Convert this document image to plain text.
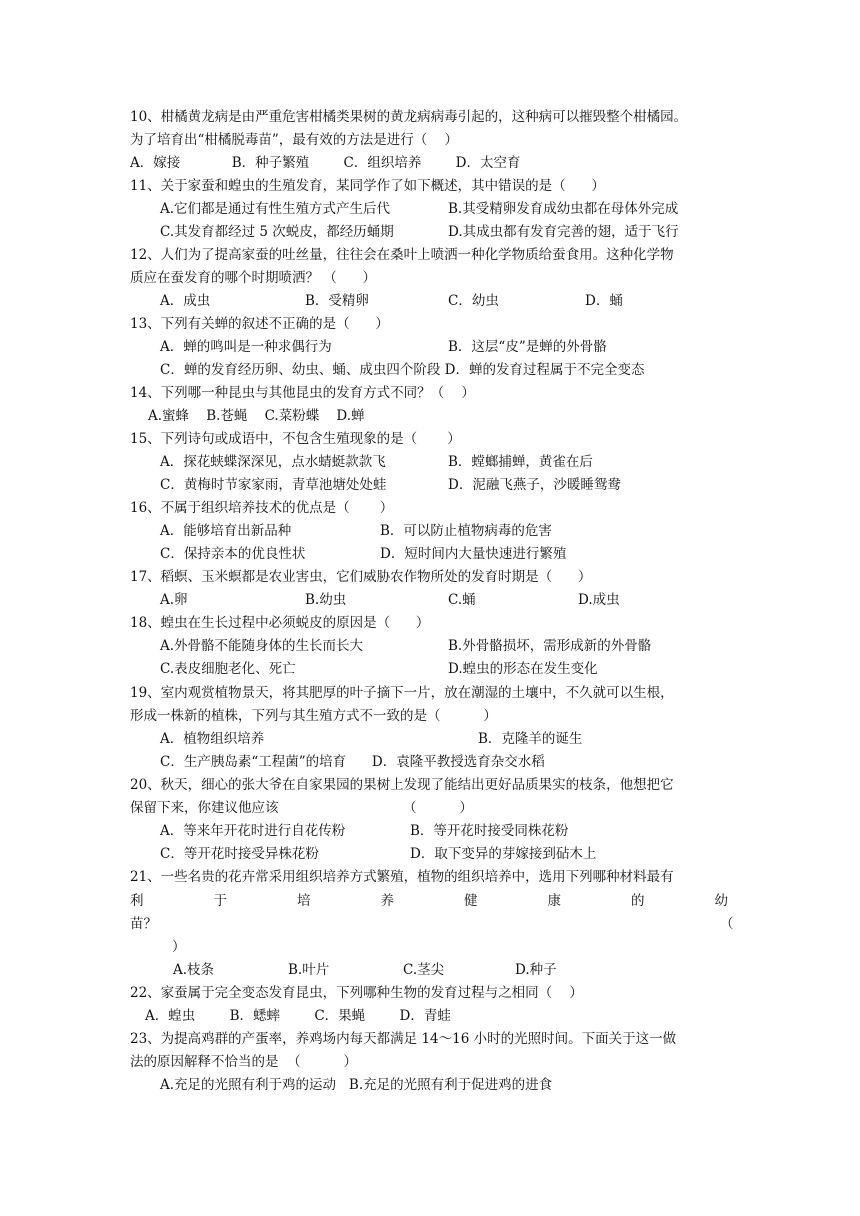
10、柑橘黄龙病是由严重危害柑橘类果树的黄龙病病毒引起的，这种病可以摧毁整个柑橘园。
为了培育出“柑橘脱毒苗”，最有效的方法是进行（    ）
A．嫁接            B．种子繁殖        C．组织培养        D．太空育
11、关于家蚕和蝗虫的生殖发育，某同学作了如下概述，其中错误的是（      ）
A.它们都是通过有性生殖方式产生后代	B.其受精卵发育成幼虫都在母体外完成
C.其发育都经过 5 次蜕皮，都经历蛹期	D.其成虫都有发育完善的翅，适于飞行
12、人们为了提高家蚕的吐丝量，往往会在桑叶上喷洒一种化学物质给蚕食用。这种化学物
质应在蚕发育的哪个时期喷洒？ （      ）
A．成虫	B．受精卵	C．幼虫	D．蛹
13、下列有关蝉的叙述不正确的是（      ）
A．蝉的鸣叫是一种求偶行为	B．这层“皮”是蝉的外骨骼
C．蝉的发育经历卵、幼虫、蛹、成虫四个阶段 D．蝉的发育过程属于不完全变态
14、下列哪一种昆虫与其他昆虫的发育方式不同？（    ）
A.蜜蜂    B.苍蝇    C.菜粉蝶    D.蝉
15、下列诗句或成语中，不包含生殖现象的是（       ）
A．探花蛱蝶深深见，点水蜻蜓款款飞	B．螳螂捕蝉，黄雀在后
C．黄梅时节家家雨，青草池塘处处蛙	D．泥融飞燕子，沙暖睡鸳鸯
16、不属于组织培养技术的优点是（       ）
A．能够培育出新品种	B．可以防止植物病毒的危害
C．保持亲本的优良性状	D．短时间内大量快速进行繁殖
17、稻螟、玉米螟都是农业害虫，它们威胁农作物所处的发育时期是（      ）
A.卵	B.幼虫	C.蛹	D.成虫
18、蝗虫在生长过程中必须蜕皮的原因是（      ）
A.外骨骼不能随身体的生长而长大	B.外骨骼损坏，需形成新的外骨骼
C.表皮细胞老化、死亡	D.蝗虫的形态在发生变化
19、室内观赏植物景天，将其肥厚的叶子摘下一片，放在潮湿的土壤中，不久就可以生根，
形成一株新的植株，下列与其生殖方式不一致的是（          ）
A．植物组织培养	B．克隆羊的诞生
C．生产胰岛素“工程菌”的培育      D．袁隆平教授选育杂交水稻
20、秋天，细心的张大爷在自家果园的果树上发现了能结出更好品质果实的枝条，他想把它
保留下来，你建议他应该	（          ）
A．等来年开花时进行自花传粉	B．等开花时接受同株花粉
C．等开花时接受异株花粉	D．取下变异的芽嫁接到砧木上
21、一些名贵的花卉常采用组织培养方式繁殖，植物的组织培养中，选用下列哪种材料最有
利	于	培	养	健	康	的	幼
苗？	（
）
A.枝条	B.叶片	C.茎尖	D.种子
22、家蚕属于完全变态发育昆虫，下列哪种生物的发育过程与之相同（    ）
A．蝗虫        B．蟋蟀        C．果蝇        D．青蛙
23、为提高鸡群的产蛋率，养鸡场内每天都满足 14～16 小时的光照时间。下面关于这一做
法的原因解释不恰当的是  （          ）
A.充足的光照有利于鸡的运动   B.充足的光照有利于促进鸡的进食
